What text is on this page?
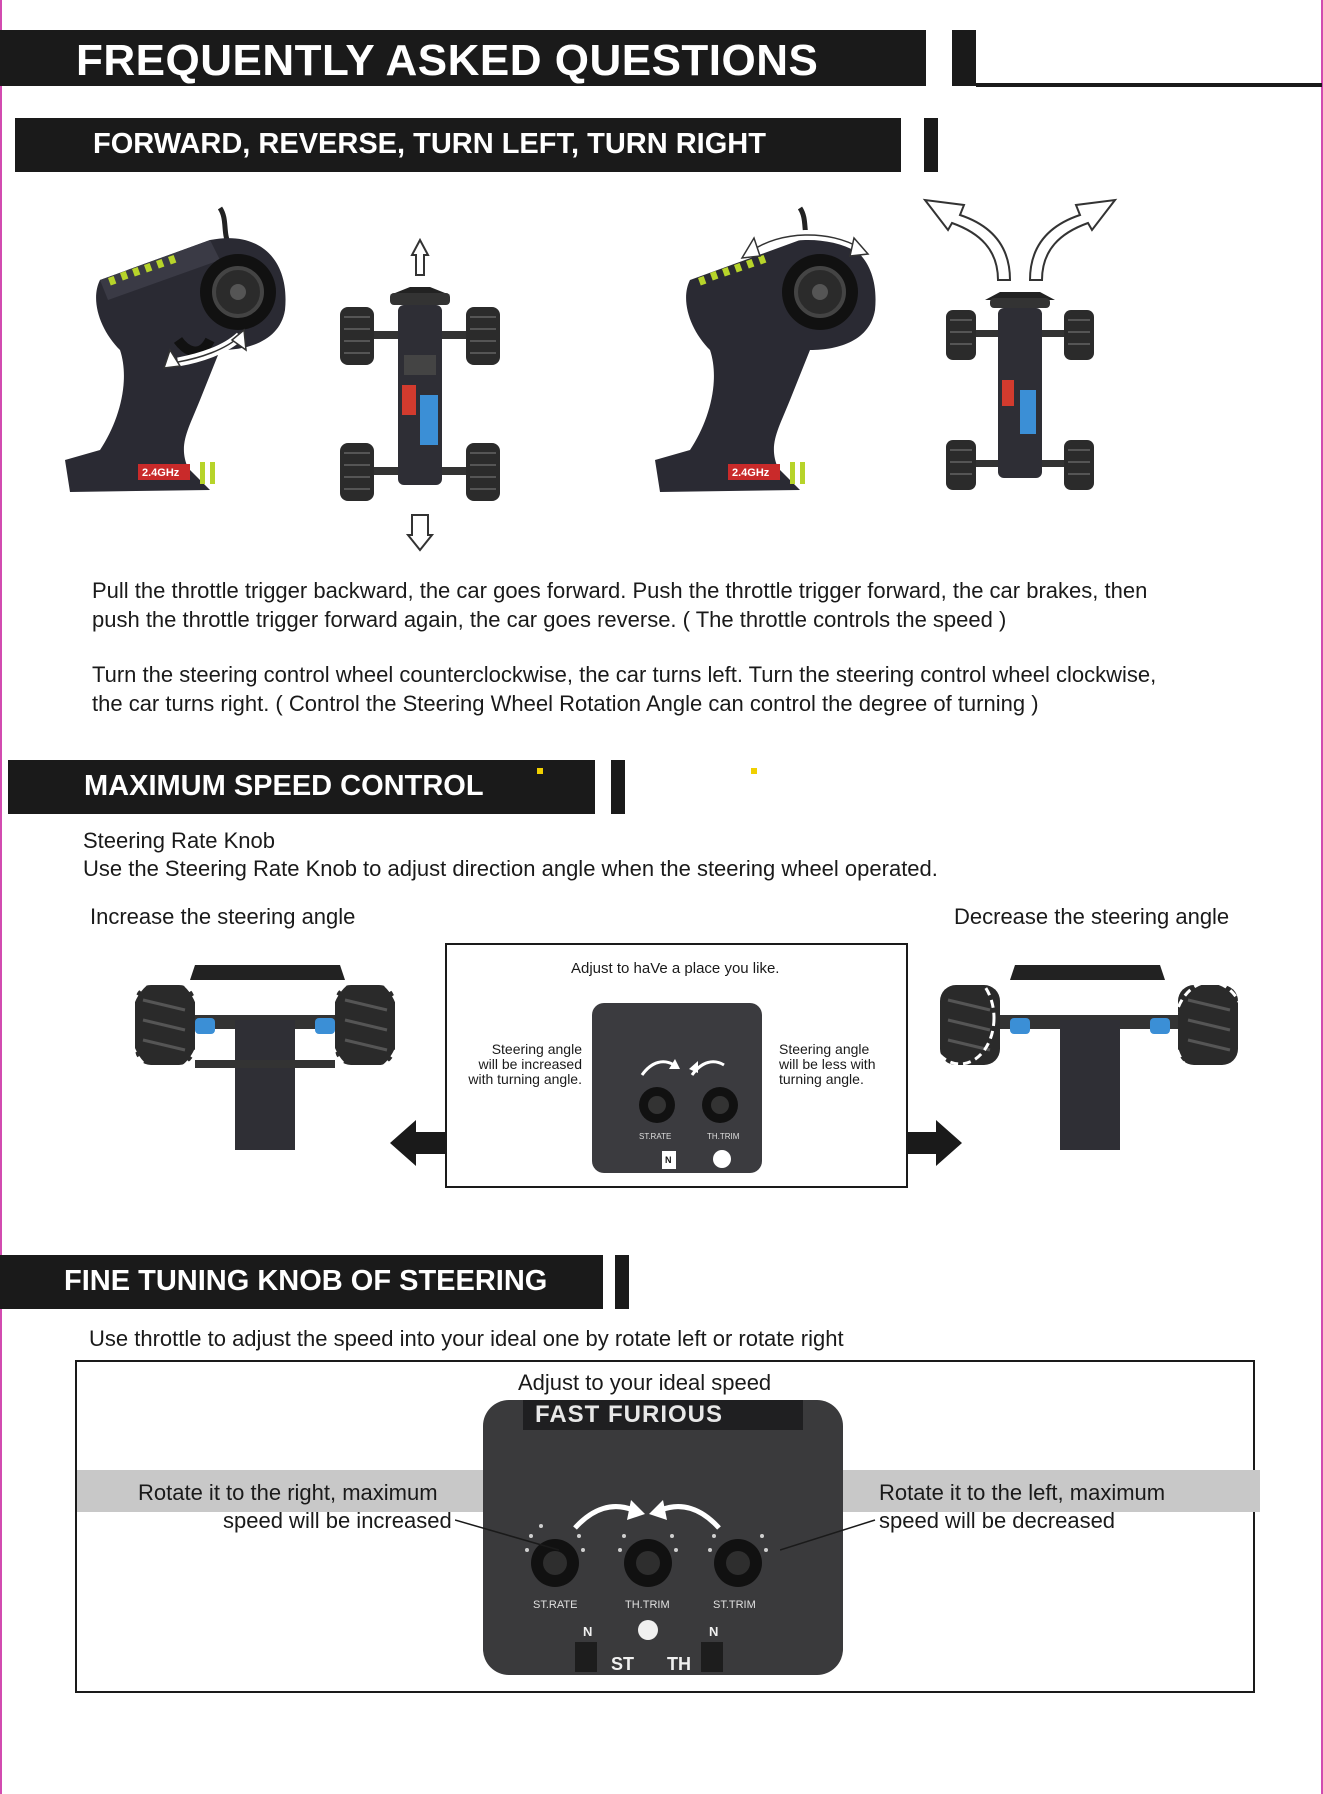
FREQUENTLY ASKED QUESTIONS
FORWARD, REVERSE, TURN LEFT, TURN RIGHT
2.4GHz	2.4GHz

Pull the throttle trigger backward, the car goes forward. Push the throttle trigger forward, the car brakes, then
push the throttle trigger forward again, the car goes reverse. ( The throttle controls the speed )

Turn the steering control wheel counterclockwise, the car turns left. Turn the steering control wheel clockwise,
the car turns right. ( Control the Steering Wheel Rotation Angle can control the degree of turning )

MAXIMUM SPEED CONTROL

Steering Rate Knob

Use the Steering Rate Knob to adjust direction angle when the steering wheel operated.

Increase the steering angle	Decrease the steering angle

Adjust to haVe a place you like.

Steering angle
will be increased
with turning angle.

Steering angle
will be less with
turning angle.

ST.RATE	TH.TRIM
N
FINE TUNING KNOB OF STEERING

Use throttle to adjust the speed into your ideal one by rotate left or rotate right

Adjust to your ideal speed

FAST FURIOUS
ST.RATE	TH.TRIM	ST.TRIM
N	N
ST TH

Rotate it to the right, maximum

speed will be increased

Rotate it to the left, maximum

speed will be decreased
